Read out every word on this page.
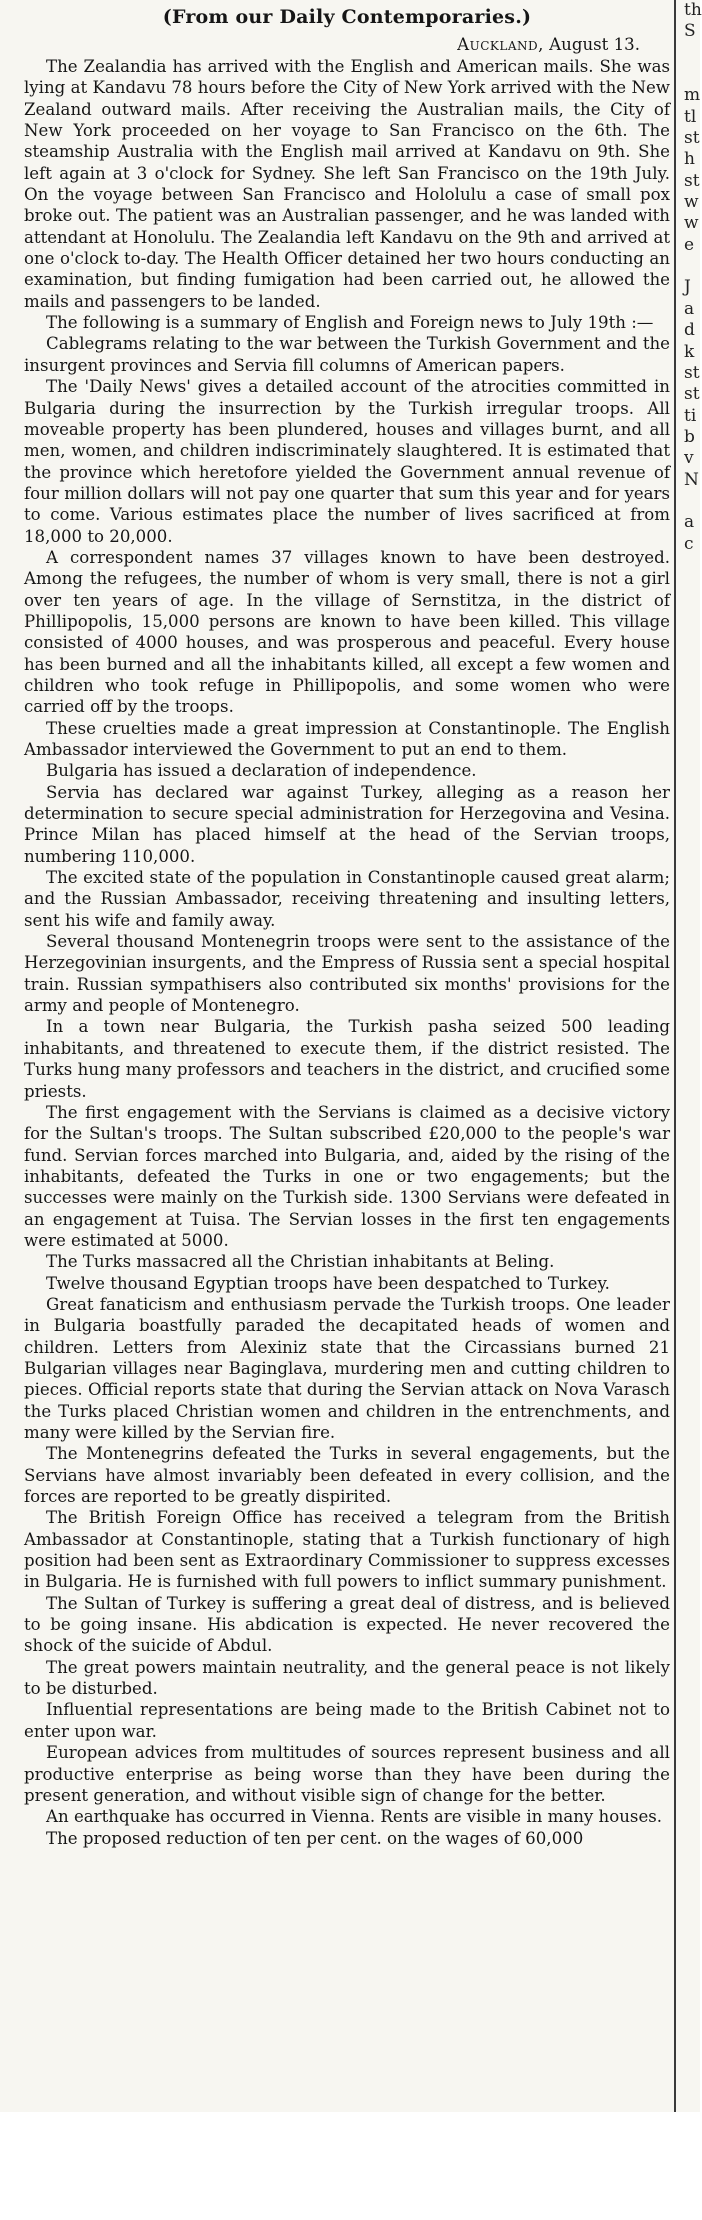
(From our Daily Contemporaries.)
Auckland, August 13.

The Zealandia has arrived with the English and American mails. She was lying at Kandavu 78 hours before the City of New York arrived with the New Zealand outward mails. After receiving the Australian mails, the City of New York proceeded on her voyage to San Francisco on the 6th. The steamship Australia with the English mail arrived at Kandavu on 9th. She left again at 3 o'clock for Sydney. She left San Francisco on the 19th July. On the voyage between San Francisco and Hololulu a case of small pox broke out. The patient was an Australian passenger, and he was landed with attendant at Honolulu. The Zealandia left Kandavu on the 9th and arrived at one o'clock to-day. The Health Officer detained her two hours conducting an examination, but finding fumigation had been carried out, he allowed the mails and passengers to be landed.

The following is a summary of English and Foreign news to July 19th :—

Cablegrams relating to the war between the Turkish Government and the insurgent provinces and Servia fill columns of American papers.

The 'Daily News' gives a detailed account of the atrocities committed in Bulgaria during the insurrection by the Turkish irregular troops. All moveable property has been plundered, houses and villages burnt, and all men, women, and children indiscriminately slaughtered. It is estimated that the province which heretofore yielded the Government annual revenue of four million dollars will not pay one quarter that sum this year and for years to come. Various estimates place the number of lives sacrificed at from 18,000 to 20,000.

A correspondent names 37 villages known to have been destroyed. Among the refugees, the number of whom is very small, there is not a girl over ten years of age. In the village of Sernstitza, in the district of Phillipopolis, 15,000 persons are known to have been killed. This village consisted of 4000 houses, and was prosperous and peaceful. Every house has been burned and all the inhabitants killed, all except a few women and children who took refuge in Phillipopolis, and some women who were carried off by the troops.

These cruelties made a great impression at Constantinople. The English Ambassador interviewed the Government to put an end to them.

Bulgaria has issued a declaration of independence.

Servia has declared war against Turkey, alleging as a reason her determination to secure special administration for Herzegovina and Vesina. Prince Milan has placed himself at the head of the Servian troops, numbering 110,000.

The excited state of the population in Constantinople caused great alarm; and the Russian Ambassador, receiving threatening and insulting letters, sent his wife and family away.

Several thousand Montenegrin troops were sent to the assistance of the Herzegovinian insurgents, and the Empress of Russia sent a special hospital train. Russian sympathisers also contributed six months' provisions for the army and people of Montenegro.

In a town near Bulgaria, the Turkish pasha seized 500 leading inhabitants, and threatened to execute them, if the district resisted. The Turks hung many professors and teachers in the district, and crucified some priests.

The first engagement with the Servians is claimed as a decisive victory for the Sultan's troops. The Sultan subscribed £20,000 to the people's war fund. Servian forces marched into Bulgaria, and, aided by the rising of the inhabitants, defeated the Turks in one or two engagements; but the successes were mainly on the Turkish side. 1300 Servians were defeated in an engagement at Tuisa. The Servian losses in the first ten engagements were estimated at 5000.

The Turks massacred all the Christian inhabitants at Beling.

Twelve thousand Egyptian troops have been despatched to Turkey.

Great fanaticism and enthusiasm pervade the Turkish troops. One leader in Bulgaria boastfully paraded the decapitated heads of women and children. Letters from Alexiniz state that the Circassians burned 21 Bulgarian villages near Baginglava, murdering men and cutting children to pieces. Official reports state that during the Servian attack on Nova Varasch the Turks placed Christian women and children in the entrenchments, and many were killed by the Servian fire.

The Montenegrins defeated the Turks in several engagements, but the Servians have almost invariably been defeated in every collision, and the forces are reported to be greatly dispirited.

The British Foreign Office has received a telegram from the British Ambassador at Constantinople, stating that a Turkish functionary of high position had been sent as Extraordinary Commissioner to suppress excesses in Bulgaria. He is furnished with full powers to inflict summary punishment.

The Sultan of Turkey is suffering a great deal of distress, and is believed to be going insane. His abdication is expected. He never recovered the shock of the suicide of Abdul.

The great powers maintain neutrality, and the general peace is not likely to be disturbed.

Influential representations are being made to the British Cabinet not to enter upon war.

European advices from multitudes of sources represent business and all productive enterprise as being worse than they have been during the present generation, and without visible sign of change for the better.

An earthquake has occurred in Vienna. Rents are visible in many houses.

The proposed reduction of ten per cent. on the wages of 60,000

th
S
m
tl
st
h
st
w
w
e
J
a
d
k
st
st
ti
b
v
N
a
c
